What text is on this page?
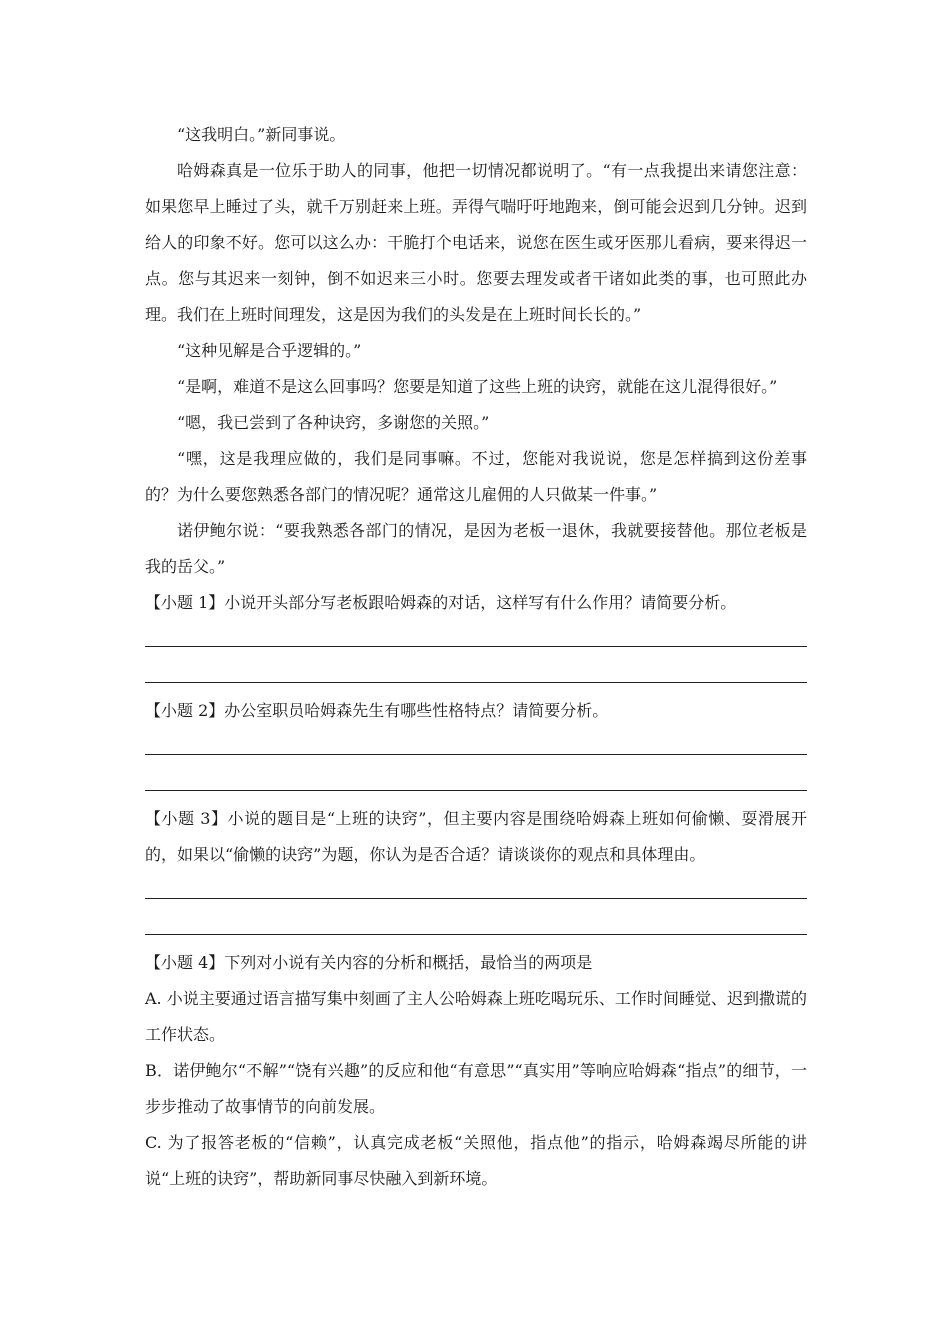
“这我明白。”新同事说。

哈姆森真是一位乐于助人的同事，他把一切情况都说明了。“有一点我提出来请您注意：如果您早上睡过了头，就千万别赶来上班。弄得气喘吁吁地跑来，倒可能会迟到几分钟。迟到给人的印象不好。您可以这么办：干脆打个电话来，说您在医生或牙医那儿看病，要来得迟一点。您与其迟来一刻钟，倒不如迟来三小时。您要去理发或者干诸如此类的事，也可照此办理。我们在上班时间理发，这是因为我们的头发是在上班时间长长的。”

“这种见解是合乎逻辑的。”

“是啊，难道不是这么回事吗？您要是知道了这些上班的诀窍，就能在这儿混得很好。”

“嗯，我已尝到了各种诀窍，多谢您的关照。”

“嘿，这是我理应做的，我们是同事嘛。不过，您能对我说说，您是怎样搞到这份差事的？为什么要您熟悉各部门的情况呢？通常这儿雇佣的人只做某一件事。”

诺伊鲍尔说：“要我熟悉各部门的情况，是因为老板一退休，我就要接替他。那位老板是我的岳父。”

【小题 1】小说开头部分写老板跟哈姆森的对话，这样写有什么作用？请简要分析。

【小题 2】办公室职员哈姆森先生有哪些性格特点？请简要分析。

【小题 3】小说的题目是“上班的诀窍”，但主要内容是围绕哈姆森上班如何偷懒、耍滑展开的，如果以“偷懒的诀窍”为题，你认为是否合适？请谈谈你的观点和具体理由。

【小题 4】下列对小说有关内容的分析和概括，最恰当的两项是

A. 小说主要通过语言描写集中刻画了主人公哈姆森上班吃喝玩乐、工作时间睡觉、迟到撒谎的工作状态。

B．诺伊鲍尔“不解”“饶有兴趣”的反应和他“有意思”“真实用”等响应哈姆森“指点”的细节，一步步推动了故事情节的向前发展。

C. 为了报答老板的“信赖”，认真完成老板“关照他，指点他”的指示，哈姆森竭尽所能的讲说“上班的诀窍”，帮助新同事尽快融入到新环境。
